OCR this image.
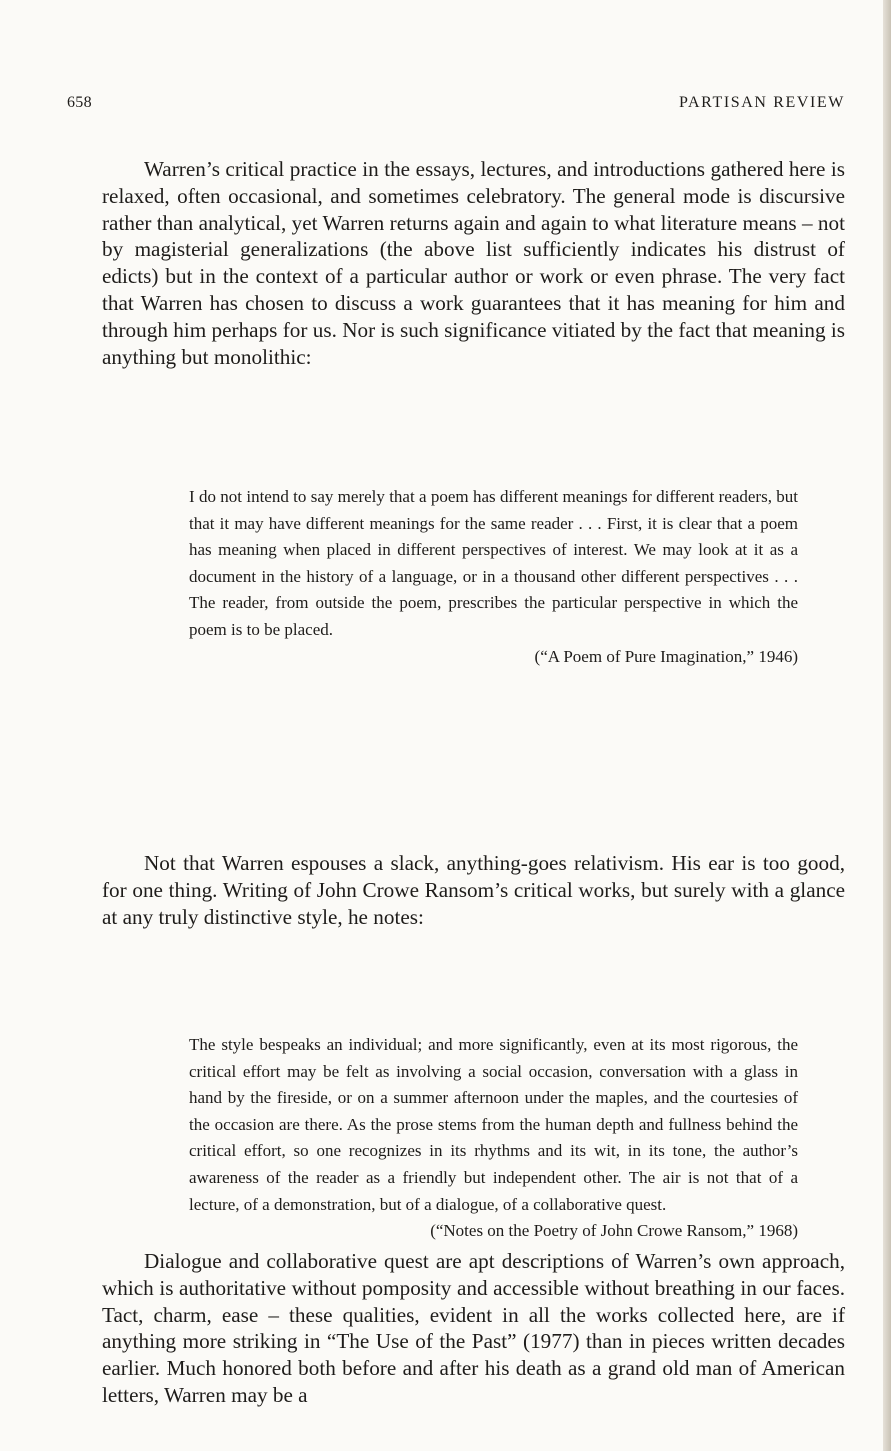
658	PARTISAN REVIEW

Warren’s critical practice in the essays, lectures, and introductions gathered here is relaxed, often occasional, and sometimes celebratory. The general mode is discursive rather than analytical, yet Warren returns again and again to what literature means – not by magisterial generalizations (the above list sufficiently indicates his distrust of edicts) but in the context of a particular author or work or even phrase. The very fact that Warren has chosen to discuss a work guarantees that it has meaning for him and through him perhaps for us. Nor is such significance vitiated by the fact that meaning is anything but monolithic:

I do not intend to say merely that a poem has different meanings for different readers, but that it may have different meanings for the same reader . . . First, it is clear that a poem has meaning when placed in different perspectives of interest. We may look at it as a document in the history of a language, or in a thousand other different perspectives . . . The reader, from outside the poem, prescribes the particular perspective in which the poem is to be placed.
(“A Poem of Pure Imagination,” 1946)

Not that Warren espouses a slack, anything-goes relativism. His ear is too good, for one thing. Writing of John Crowe Ransom’s critical works, but surely with a glance at any truly distinctive style, he notes:

The style bespeaks an individual; and more significantly, even at its most rigorous, the critical effort may be felt as involving a social occasion, conversation with a glass in hand by the fireside, or on a summer afternoon under the maples, and the courtesies of the occasion are there. As the prose stems from the human depth and fullness behind the critical effort, so one recognizes in its rhythms and its wit, in its tone, the author’s awareness of the reader as a friendly but independent other. The air is not that of a lecture, of a demonstration, but of a dialogue, of a collaborative quest.
(“Notes on the Poetry of John Crowe Ransom,” 1968)

Dialogue and collaborative quest are apt descriptions of Warren’s own approach, which is authoritative without pomposity and accessible without breathing in our faces. Tact, charm, ease – these qualities, evident in all the works collected here, are if anything more striking in “The Use of the Past” (1977) than in pieces written decades earlier. Much honored both before and after his death as a grand old man of American letters, Warren may be a
